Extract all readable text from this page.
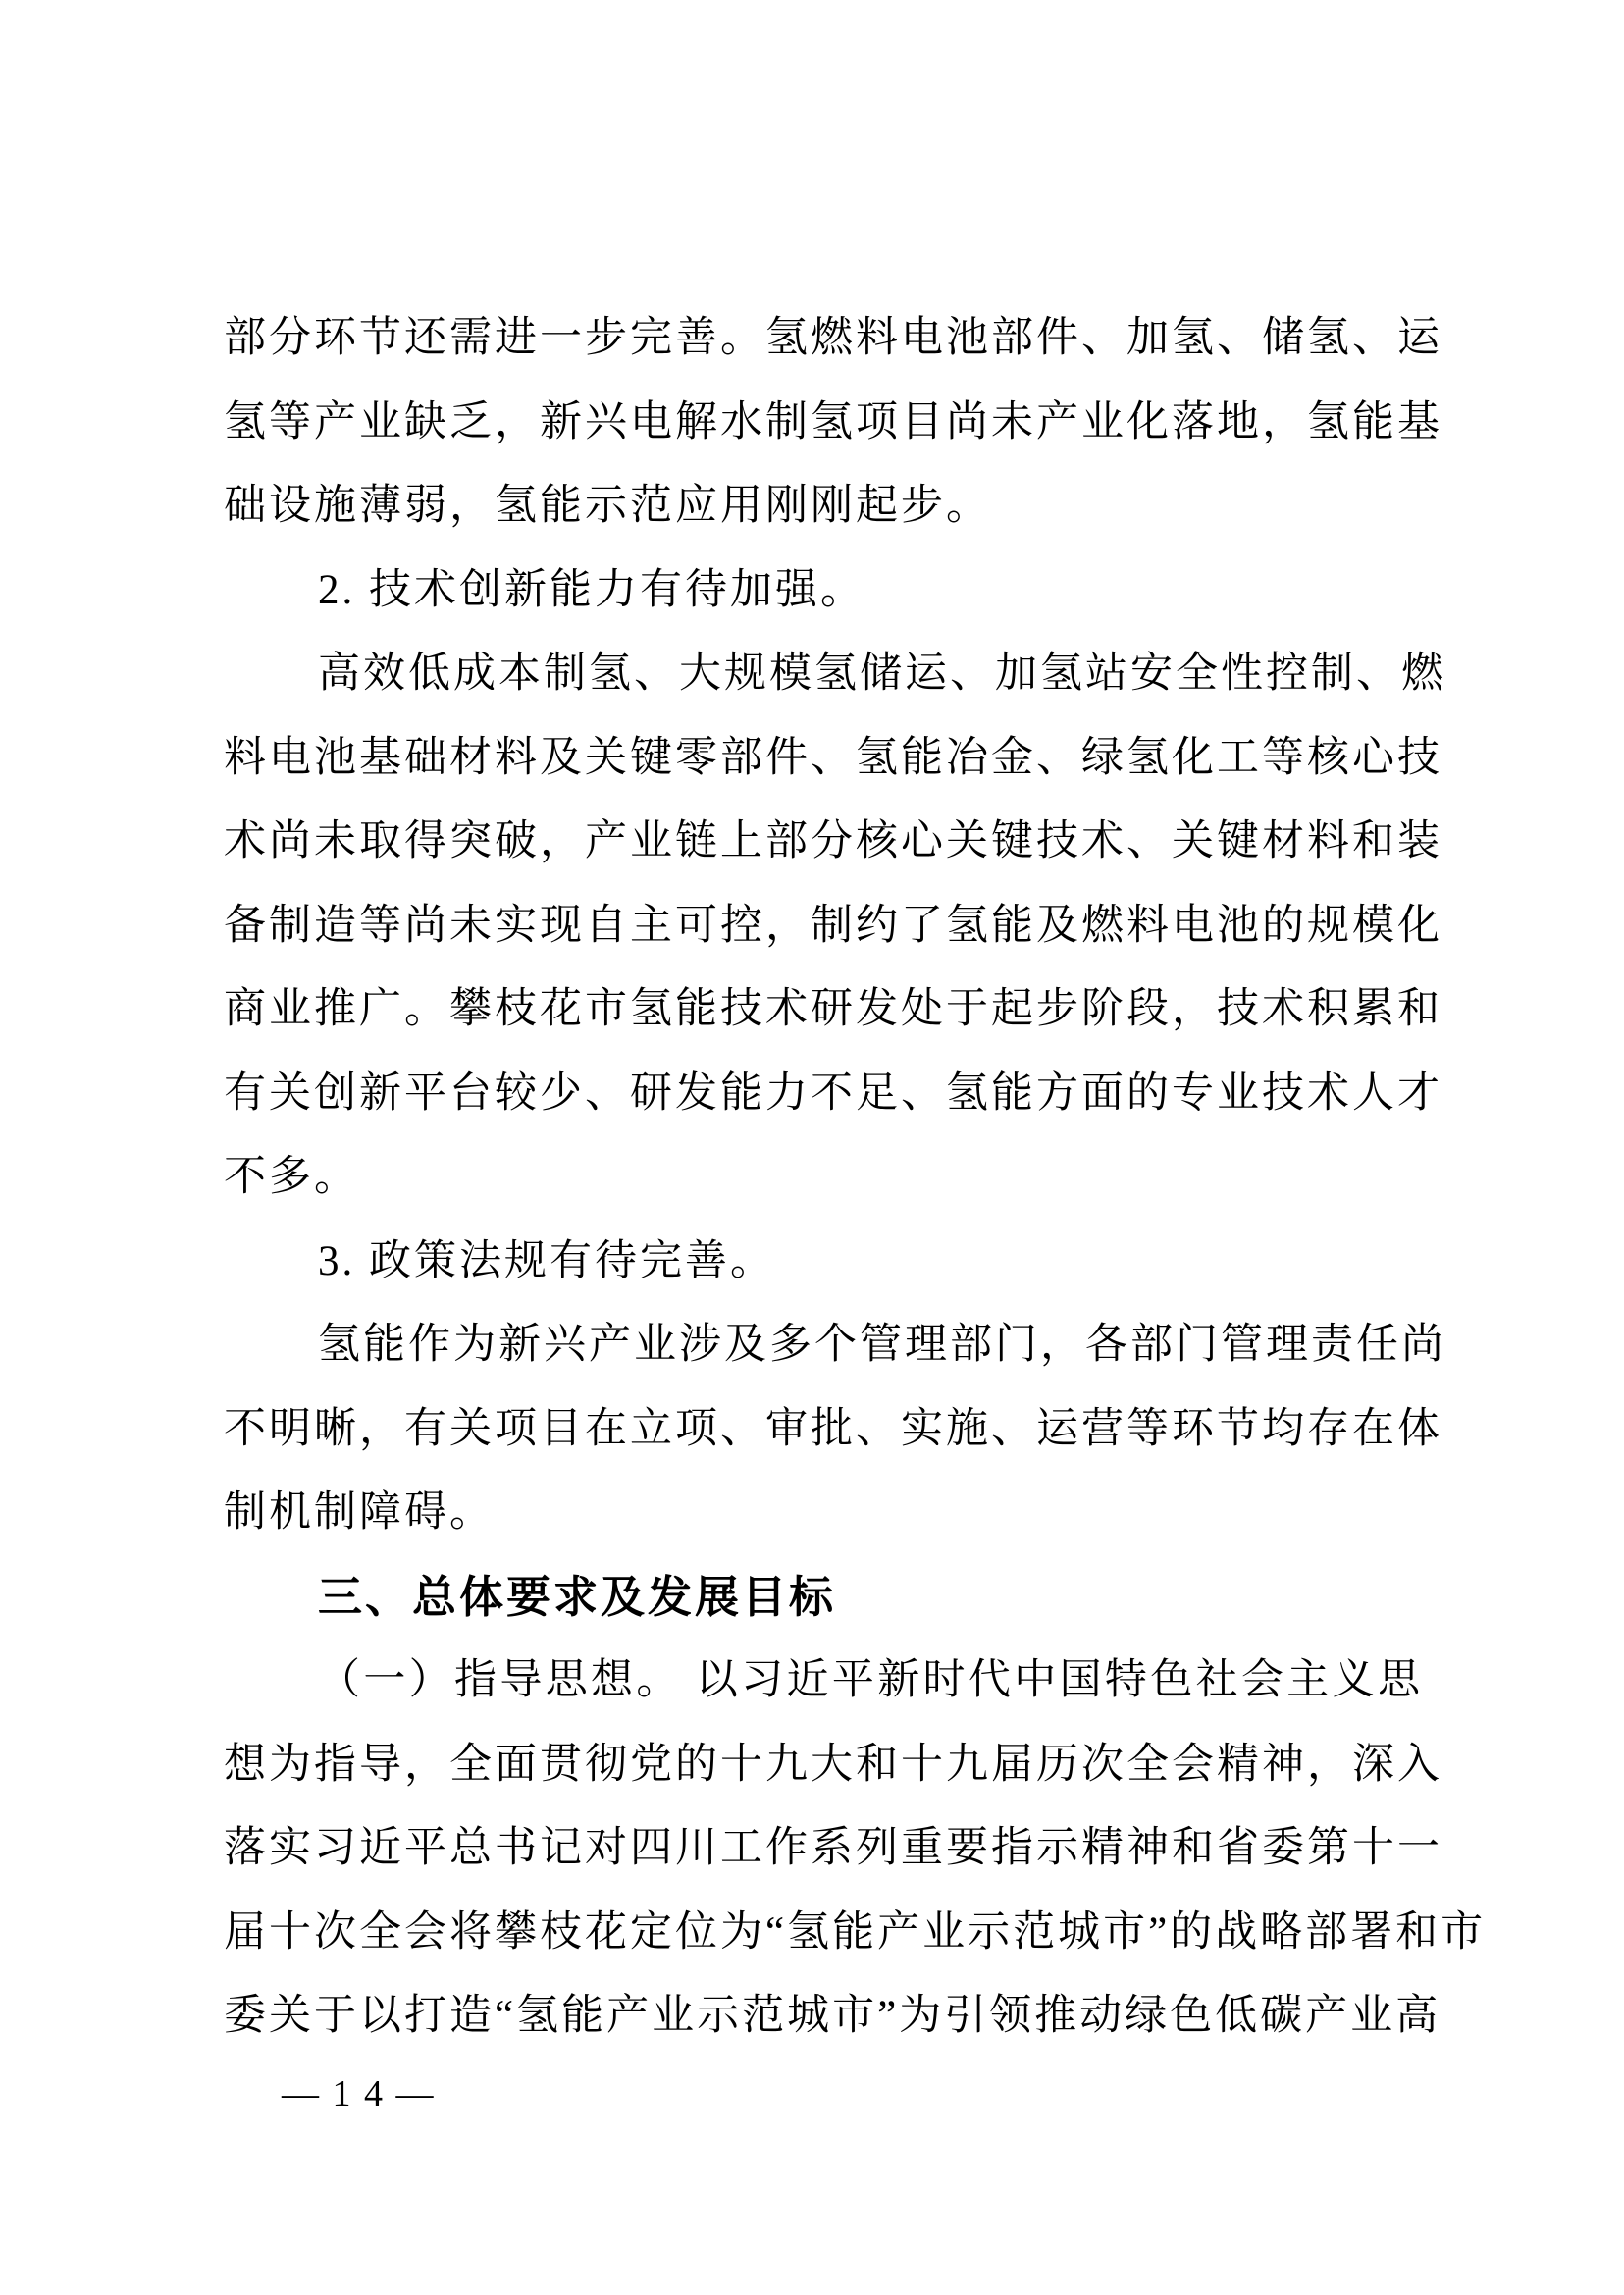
部分环节还需进一步完善。氢燃料电池部件、加氢、储氢、运
氢等产业缺乏，新兴电解水制氢项目尚未产业化落地，氢能基
础设施薄弱，氢能示范应用刚刚起步。
2. 技术创新能力有待加强。
高效低成本制氢、大规模氢储运、加氢站安全性控制、燃
料电池基础材料及关键零部件、氢能冶金、绿氢化工等核心技
术尚未取得突破，产业链上部分核心关键技术、关键材料和装
备制造等尚未实现自主可控，制约了氢能及燃料电池的规模化
商业推广。攀枝花市氢能技术研发处于起步阶段，技术积累和
有关创新平台较少、研发能力不足、氢能方面的专业技术人才
不多。
3. 政策法规有待完善。
氢能作为新兴产业涉及多个管理部门，各部门管理责任尚
不明晰，有关项目在立项、审批、实施、运营等环节均存在体
制机制障碍。
三、总体要求及发展目标
（一）指导思想。 以习近平新时代中国特色社会主义思
想为指导，全面贯彻党的十九大和十九届历次全会精神，深入
落实习近平总书记对四川工作系列重要指示精神和省委第十一
届十次全会将攀枝花定位为“氢能产业示范城市”的战略部署和市
委关于以打造“氢能产业示范城市”为引领推动绿色低碳产业高
— 1 4 —
